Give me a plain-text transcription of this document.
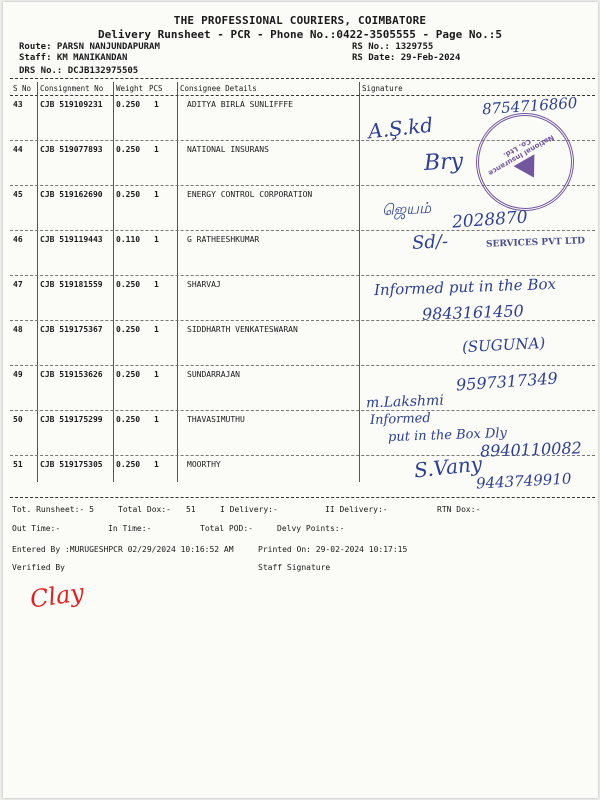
THE PROFESSIONAL COURIERS, COIMBATORE
Delivery Runsheet - PCR - Phone No.:0422-3505555 - Page No.:5
Route: PARSN NANJUNDAPURAM
Staff: KM MANIKANDAN
DRS No.: DCJB132975505
RS No.: 1329755
RS Date: 29-Feb-2024
S No Consignment No Weight PCS Consignee Details	Signature
43 CJB 519109231 0.250 1	ADITYA BIRLA SUNLIFFFE
44 CJB 519077893 0.250 1	NATIONAL INSURANS
45 CJB 519162690 0.250 1	ENERGY CONTROL CORPORATION
46 CJB 519119443 0.110 1	G RATHEESHKUMAR
47 CJB 519181559 0.250 1	SHARVAJ
48 CJB 519175367 0.250 1	SIDDHARTH VENKATESWARAN
49 CJB 519153626 0.250 1	SUNDARRAJAN
50 CJB 519175299 0.250 1	THAVASIMUTHU
51 CJB 519175305 0.250 1	MOORTHY
Tot. Runsheet:- 5	Total Dox:- 51	I Delivery:-	II Delivery:-	RTN Dox:-
Out Time:-	In Time:-	Total POD:-	Delvy Points:-
Entered By :MURUGESHPCR 02/29/2024 10:16:52 AM	Printed On: 29-02-2024 10:17:15
Verified By	Staff Signature
8754716860
A.Ş.kd
Bry	National Insurance Co. Ltd.
ஜெயம் 2028870
Sd/-	SERVICES PVT LTD
Informed put in the Box
9843161450
(SUGUNA)
9597317349
m.Lakshmi
Informed
put in the Box Dly
8940110082
S.Vany
9443749910
Clay
